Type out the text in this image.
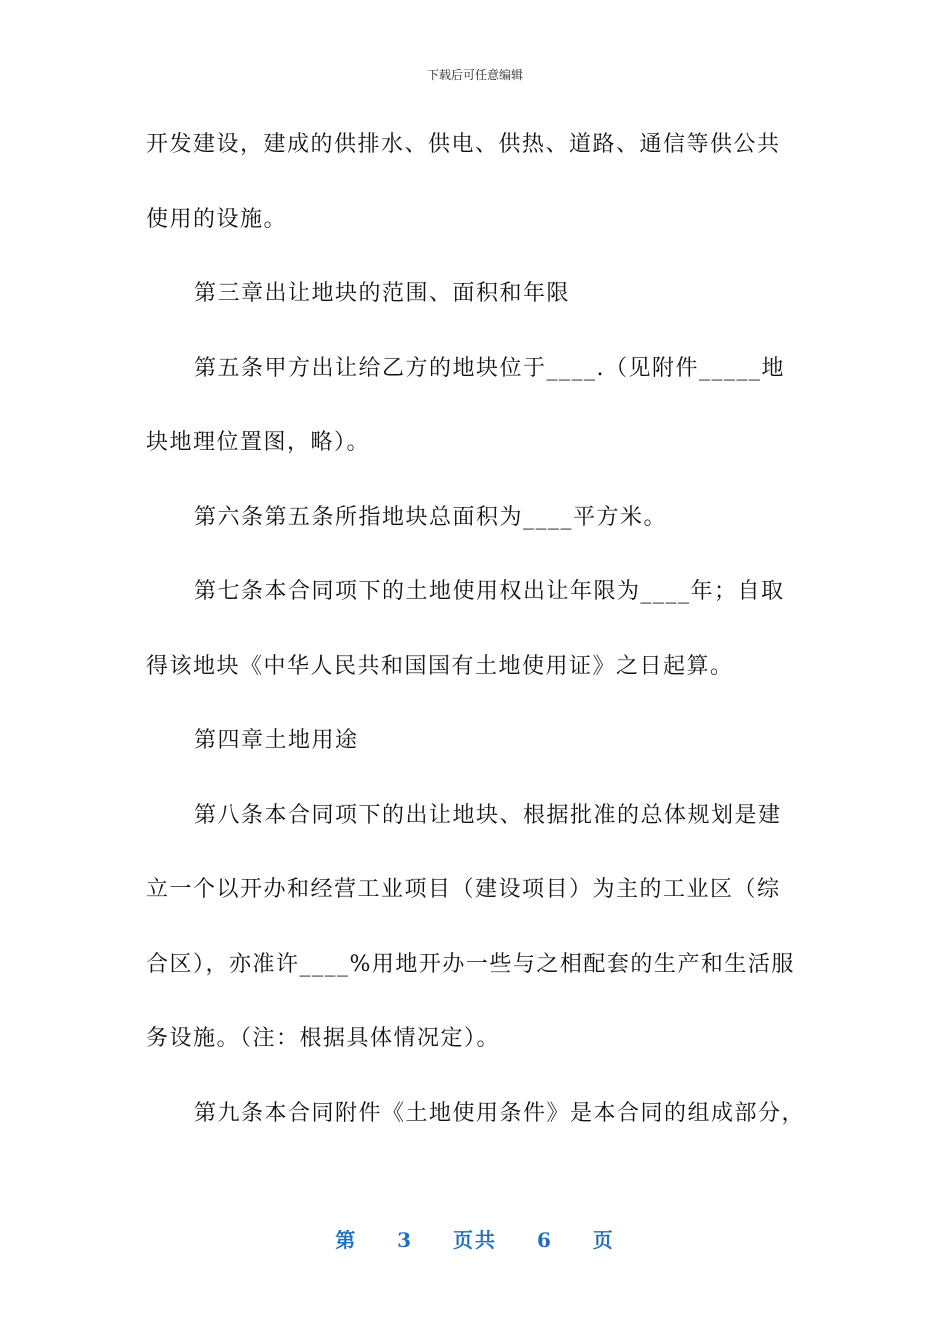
下载后可任意编辑
开发建设，建成的供排水、供电、供热、道路、通信等供公共
使用的设施。
第三章出让地块的范围、面积和年限
第五条甲方出让给乙方的地块位于____.（见附件_____地
块地理位置图，略）。
第六条第五条所指地块总面积为____平方米。
第七条本合同项下的土地使用权出让年限为____年；自取
得该地块《中华人民共和国国有土地使用证》之日起算。
第四章土地用途
第八条本合同项下的出让地块、根据批准的总体规划是建
立一个以开办和经营工业项目（建设项目）为主的工业区（综
合区），亦准许____%用地开办一些与之相配套的生产和生活服
务设施。（注：根据具体情况定）。
第九条本合同附件《土地使用条件》是本合同的组成部分，
第 3 页共 6 页
